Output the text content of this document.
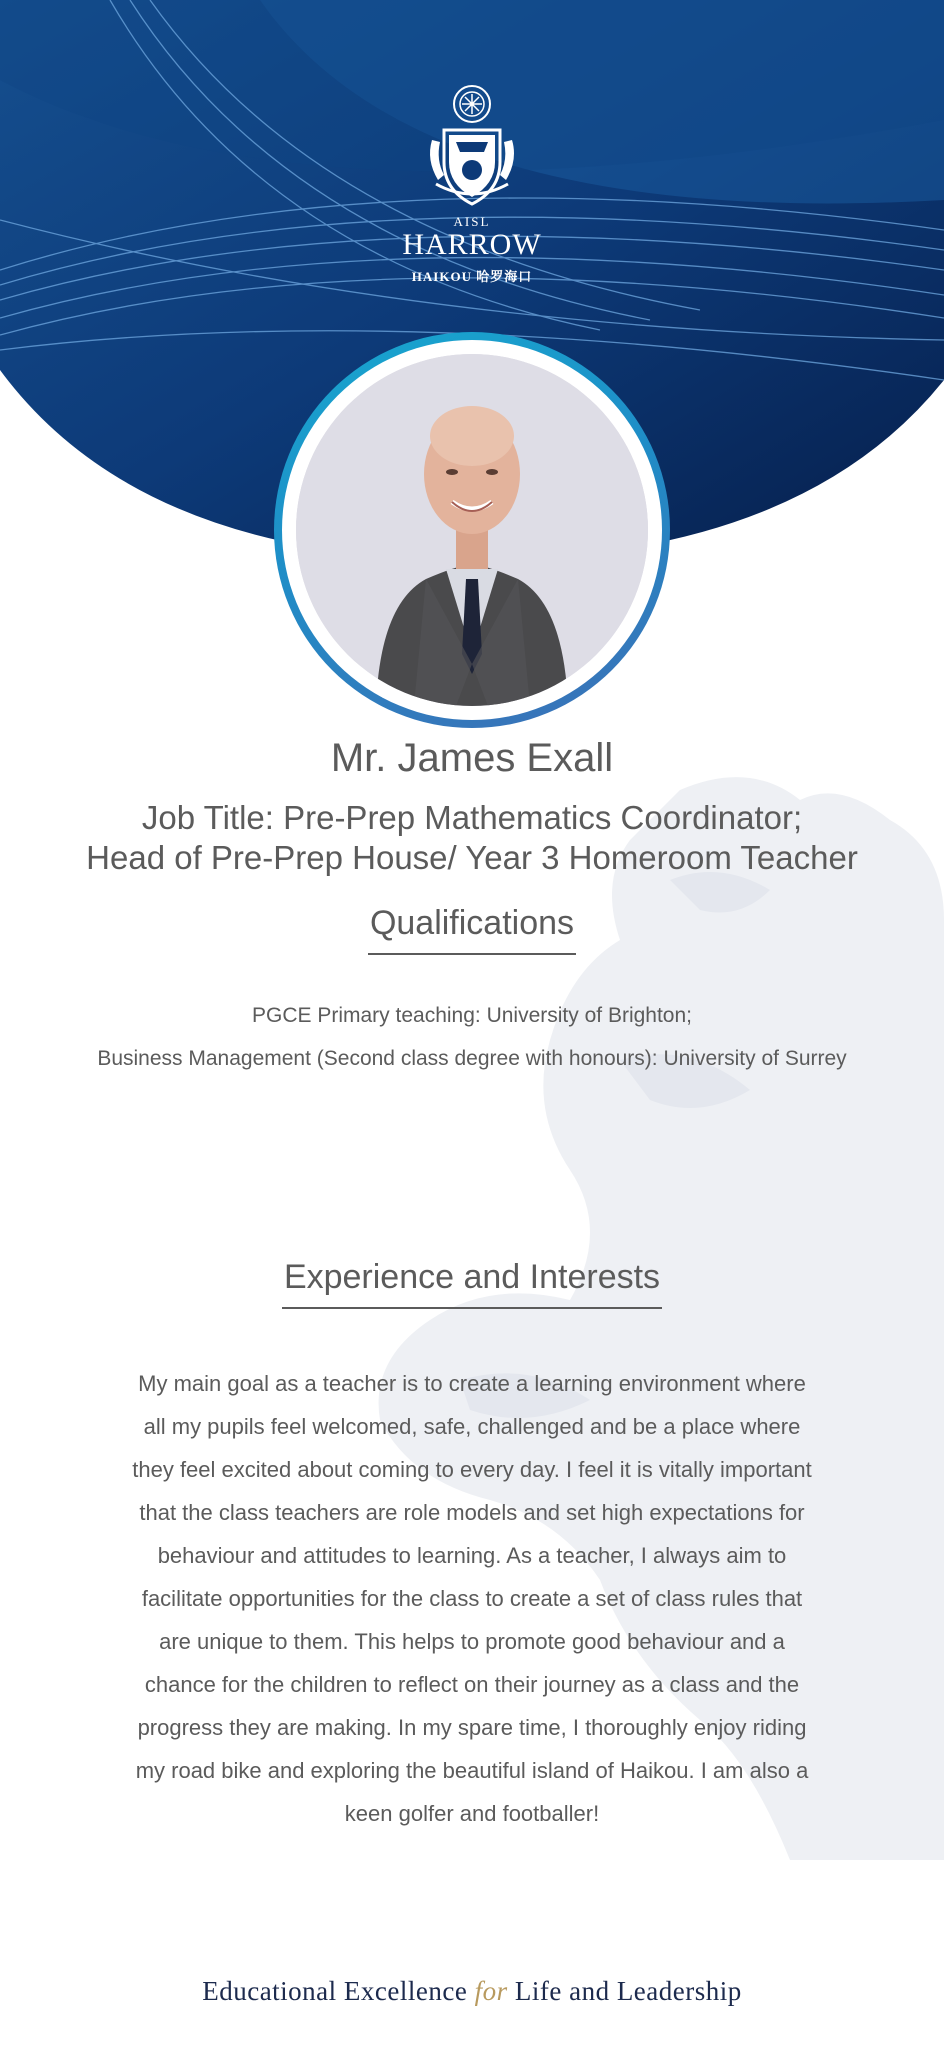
AISL
HARROW
HAIKOU 哈罗海口
Mr. James Exall
Job Title: Pre-Prep Mathematics Coordinator;
Head of Pre-Prep House/ Year 3 Homeroom Teacher
Qualifications
PGCE Primary teaching: University of Brighton;
Business Management (Second class degree with honours): University of Surrey
Experience and Interests
My main goal as a teacher is to create a learning environment where all my pupils feel welcomed, safe, challenged and be a place where they feel excited about coming to every day. I feel it is vitally important that the class teachers are role models and set high expectations for behaviour and attitudes to learning. As a teacher, I always aim to facilitate opportunities for the class to create a set of class rules that are unique to them. This helps to promote good behaviour and a chance for the children to reflect on their journey as a class and the progress they are making. In my spare time, I thoroughly enjoy riding my road bike and exploring the beautiful island of Haikou. I am also a keen golfer and footballer!
Educational Excellence for Life and Leadership
